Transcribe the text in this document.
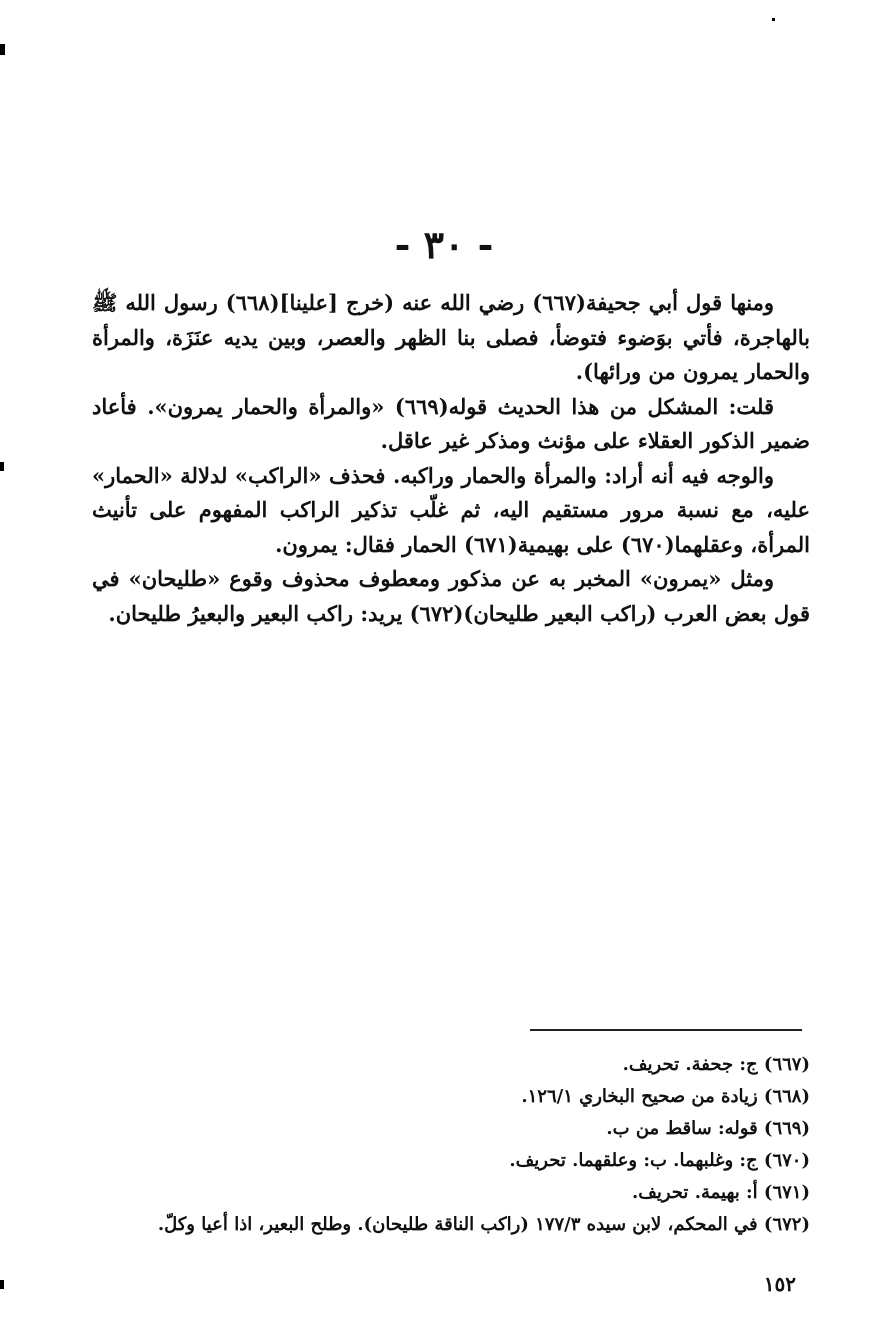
- ٣٠ -

ومنها قول أبي جحيفة(٦٦٧) رضي الله عنه (خرج [علينا](٦٦٨) رسول الله ﷺ بالهاجرة، فأتي بوَضوء فتوضأ، فصلى بنا الظهر والعصر، وبين يديه عنَزَة، والمرأة والحمار يمرون من ورائها).

قلت: المشكل من هذا الحديث قوله(٦٦٩) «والمرأة والحمار يمرون». فأعاد ضمير الذكور العقلاء على مؤنث ومذكر غير عاقل.

والوجه فيه أنه أراد: والمرأة والحمار وراكبه. فحذف «الراكب» لدلالة «الحمار» عليه، مع نسبة مرور مستقيم اليه، ثم غلّب تذكير الراكب المفهوم على تأنيث المرأة، وعقلهما(٦٧٠) على بهيمية(٦٧١) الحمار فقال: يمرون.

ومثل «يمرون» المخبر به عن مذكور ومعطوف محذوف وقوع «طليحان» في قول بعض العرب (راكب البعير طليحان)(٦٧٢) يريد: راكب البعير والبعيرُ طليحان.

(٦٦٧) ج: جحفة. تحريف.
(٦٦٨) زيادة من صحيح البخاري ١٢٦/١.
(٦٦٩) قوله: ساقط من ب.
(٦٧٠) ج: وغلبهما. ب: وعلقهما. تحريف.
(٦٧١) أ: بهيمة. تحريف.
(٦٧٢) في المحكم، لابن سيده ١٧٧/٣ (راكب الناقة طليحان). وطلح البعير، اذا أعيا وكلّ.
١٥٢
